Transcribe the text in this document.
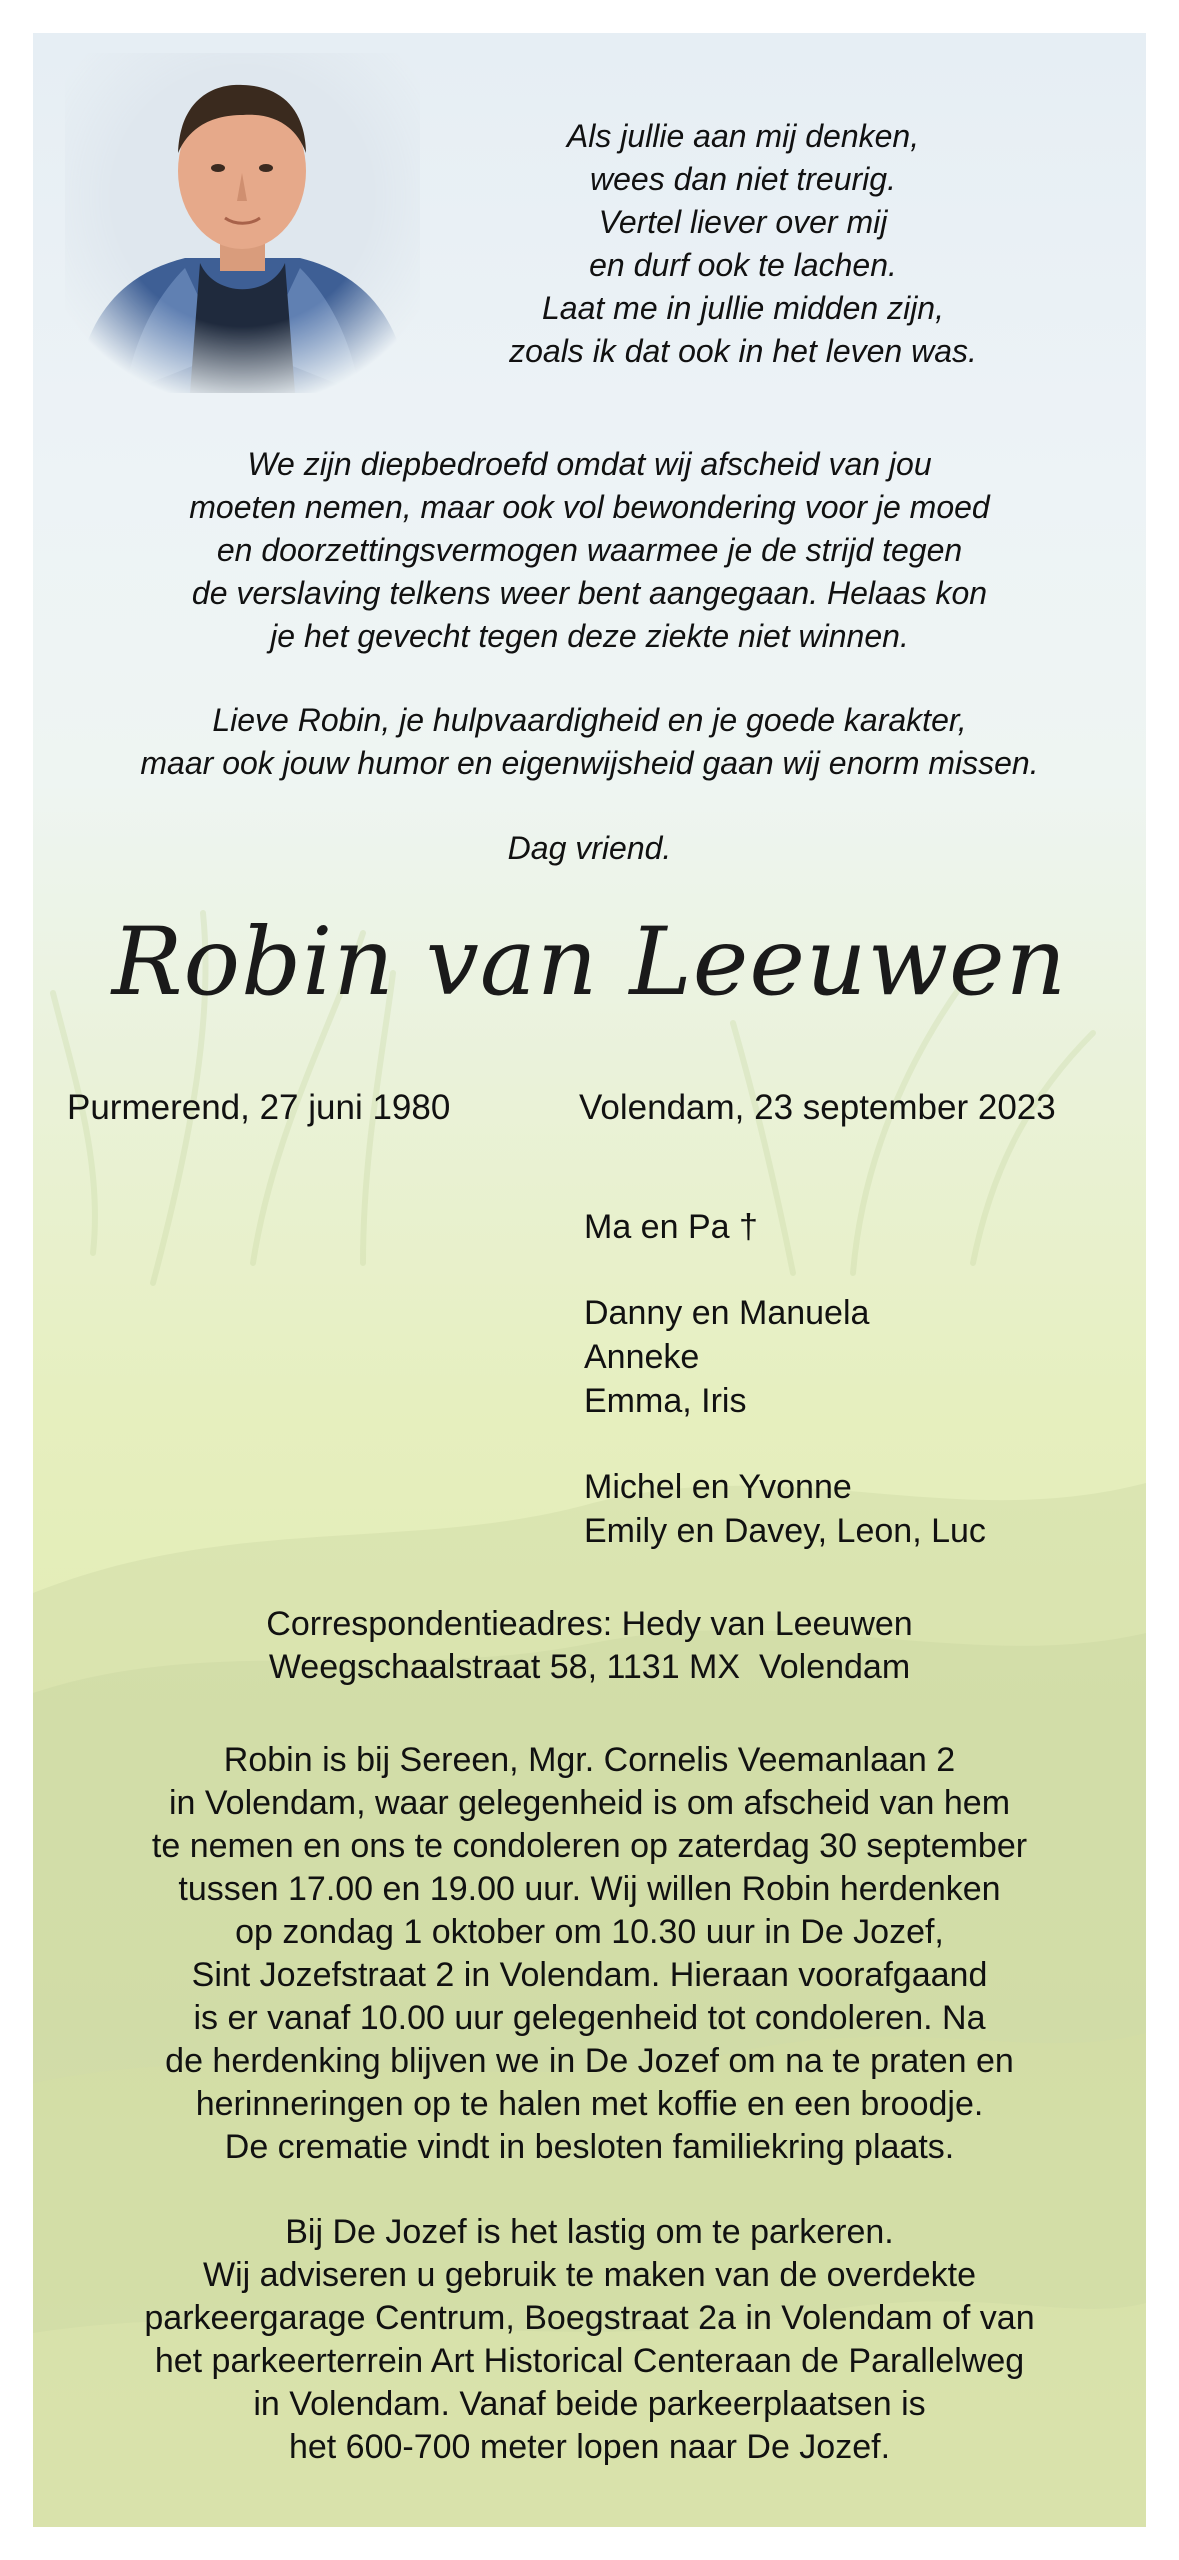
Als jullie aan mij denken,
wees dan niet treurig.
Vertel liever over mij
en durf ook te lachen.
Laat me in jullie midden zijn,
zoals ik dat ook in het leven was.
We zijn diepbedroefd omdat wij afscheid van jou
moeten nemen, maar ook vol bewondering voor je moed
en doorzettingsvermogen waarmee je de strijd tegen
de verslaving telkens weer bent aangegaan. Helaas kon
je het gevecht tegen deze ziekte niet winnen.
Lieve Robin, je hulpvaardigheid en je goede karakter,
maar ook jouw humor en eigenwijsheid gaan wij enorm missen.
Dag vriend.
Robin van Leeuwen
Purmerend, 27 juni 1980	Volendam, 23 september 2023
Ma en Pa †
Danny en Manuela
Anneke
Emma, Iris
Michel en Yvonne
Emily en Davey, Leon, Luc
Correspondentieadres: Hedy van Leeuwen
Weegschaalstraat 58, 1131 MX  Volendam
Robin is bij Sereen, Mgr. Cornelis Veemanlaan 2
in Volendam, waar gelegenheid is om afscheid van hem
te nemen en ons te condoleren op zaterdag 30 september
tussen 17.00 en 19.00 uur. Wij willen Robin herdenken
op zondag 1 oktober om 10.30 uur in De Jozef,
Sint Jozefstraat 2 in Volendam. Hieraan voorafgaand
is er vanaf 10.00 uur gelegenheid tot condoleren. Na
de herdenking blijven we in De Jozef om na te praten en
herinneringen op te halen met koffie en een broodje.
De crematie vindt in besloten familiekring plaats.
Bij De Jozef is het lastig om te parkeren.
Wij adviseren u gebruik te maken van de overdekte
parkeergarage Centrum, Boegstraat 2a in Volendam of van
het parkeerterrein Art Historical Centeraan de Parallelweg
in Volendam. Vanaf beide parkeerplaatsen is
het 600-700 meter lopen naar De Jozef.
